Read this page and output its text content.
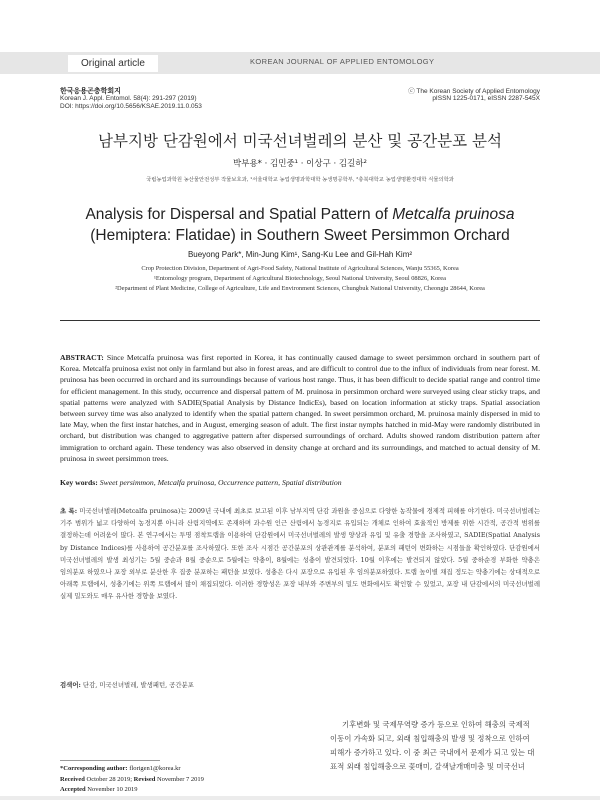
Original article	KOREAN JOURNAL OF APPLIED ENTOMOLOGY
한국응용곤충학회지
Korean J. Appl. Entomol. 58(4): 291-297 (2019)
DOI: https://doi.org/10.5656/KSAE.2019.11.0.053
ⓒ The Korean Society of Applied Entomology
pISSN 1225-0171, eISSN 2287-545X
남부지방 단감원에서 미국선녀벌레의 분산 및 공간분포 분석
박부용* · 김민중¹ · 이상구 · 김길하²
국립농업과학원 농산물안전성부 작물보호과, ¹서울대학교 농업생명과학대학 농생명공학부, ²충북대학교 농업생명환경대학 식물의학과
Analysis for Dispersal and Spatial Pattern of Metcalfa pruinosa
(Hemiptera: Flatidae) in Southern Sweet Persimmon Orchard
Bueyong Park*, Min-Jung Kim¹, Sang-Ku Lee and Gil-Hah Kim²
Crop Protection Division, Department of Agri-Food Safety, National Institute of Agricultural Sciences, Wanju 55365, Korea
¹Entomology program, Department of Agricultural Biotechnology, Seoul National University, Seoul 08826, Korea
²Department of Plant Medicine, College of Agriculture, Life and Environment Sciences, Chungbuk National University, Cheongju 28644, Korea
ABSTRACT: Since Metcalfa pruinosa was first reported in Korea, it has continually caused damage to sweet persimmon orchard in southern part of Korea. Metcalfa pruinosa exist not only in farmland but also in forest areas, and are difficult to control due to the influx of individuals from near forest. M. pruinosa has been occurred in orchard and its surroundings because of various host range. Thus, it has been difficult to decide spatial range and control time for efficient management. In this study, occurrence and dispersal pattern of M. pruinosa in persimmon orchard were surveyed using clear sticky traps, and spatial patterns were analyzed with SADIE(Spatial Analysis by Distance IndicEs), based on location information at sticky traps. Spatial association between survey time was also analyzed to identify when the spatial pattern changed. In sweet persimmon orchard, M. pruinosa mainly dispersed in mid to late May, when the first instar hatches, and in August, emerging season of adult. The first instar nymphs hatched in mid-May were randomly distributed in orchard, but distribution was changed to aggregative pattern after dispersed surroundings of orchard. Adults showed random distribution pattern after immigration to orchard again. These tendency was also observed in density change at orchard and its surroundings, and matched to actual density of M. pruinosa in sweet persimmon trees.
Key words: Sweet persimmon, Metcalfa pruinosa, Occurrence pattern, Spatial distribution
초 록: 미국선녀벌레(Metcalfa pruinosa)는 2009년 국내에 최초로 보고된 이후 남부지역 단감 과원을 중심으로 다양한 농작물에 경제적 피해를 야기한다. 미국선녀벌레는 기주 범위가 넓고 다양하여 농경지뿐 아니라 산림지역에도 존재하며 과수원 인근 산림에서 농경지로 유입되는 개체로 인하여 효율적인 방제를 위한 시간적, 공간적 범위를 결정하는데 어려움이 많다. 본 연구에서는 투명 점착트랩을 이용하여 단감원에서 미국선녀벌레의 발생 양상과 유입 및 유출 경향을 조사하였고, SADIE(Spatial Analysis by Distance Indices)를 사용하여 공간분포를 조사하였다. 또한 조사 시점간 공간분포의 상관관계를 분석하여, 분포의 패턴이 변화하는 시점들을 확인하였다. 단감원에서 미국선녀벌레의 발생 최성기는 5월 중순과 8월 중순으로 5월에는 약충이, 8월에는 성충이 발견되었다. 10월 이후에는 발견되지 않았다. 5월 중하순경 부화한 약충은 임의분포 하였으나 포장 외부로 분산한 후 집중 분포하는 패턴을 보였다. 성충은 다시 포장으로 유입된 후 임의분포하였다. 트랩 높이별 채집 정도는 약충기에는 상대적으로 아래쪽 트랩에서, 성충기에는 위쪽 트랩에서 많이 채집되었다. 이러한 경향성은 포장 내부와 주변부의 밀도 변화에서도 확인할 수 있었고, 포장 내 단감에서의 미국선녀벌레 실제 밀도와도 매우 유사한 경향을 보였다.
검색어: 단감, 미국선녀벌레, 발생패턴, 공간분포
기후변화 및 국제무역량 증가 등으로 인하여 해충의 국제적
이동이 가속화 되고, 외래 침입해충의 발생 및 정착으로 인하여
피해가 증가하고 있다. 이 중 최근 국내에서 문제가 되고 있는 대
표적 외래 침입해충으로 꽃매미, 갈색날개매미충 및 미국선녀
*Corresponding author: florigen1@korea.kr
Received October 28 2019; Revised November 7 2019
Accepted November 10 2019
